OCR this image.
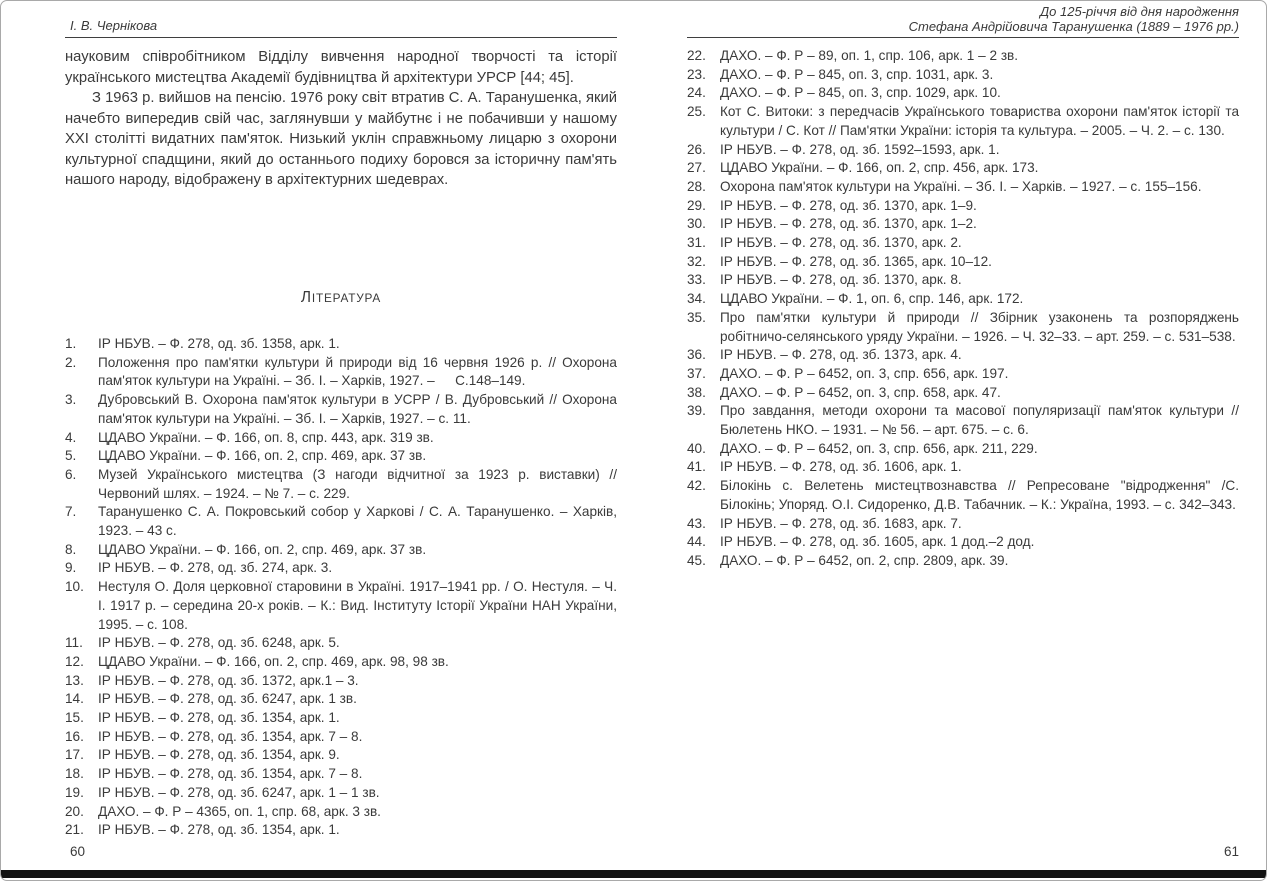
І. В. Чернікова

науковим співробітником Відділу вивчення народної творчості та історії українського мистецтва Академії будівництва й архітектури УРСР [44; 45].

З 1963 р. вийшов на пенсію. 1976 року світ втратив С. А. Таранушенка, який начебто випередив свій час, заглянувши у майбутнє і не побачивши у нашому XXI столітті видатних пам'яток. Низький уклін справжньому лицарю з охорони культурної спадщини, який до останнього подиху боровся за історичну пам'ять нашого народу, відображену в архітектурних шедеврах.

ЛІТЕРАТУРА
1.	ІР НБУВ. – Ф. 278, од. зб. 1358, арк. 1.
2.	Положення про пам'ятки культури й природи від 16 червня 1926 р. // Охорона пам'яток культури на Україні. – Зб. І. – Харків, 1927. –  С.148–149.
3.	Дубровський В. Охорона пам'яток культури в УСРР / В. Дубровський // Охорона пам'яток культури на Україні. – Зб. І. – Харків, 1927. – с. 11.
4.	ЦДАВО України. – Ф. 166, оп. 8, спр. 443, арк. 319 зв.
5.	ЦДАВО України. – Ф. 166, оп. 2, спр. 469, арк. 37 зв.
6.	Музей Українського мистецтва (З нагоди відчитної за 1923 р. виставки) // Червоний шлях. – 1924. – № 7. – с. 229.
7.	Таранушенко С. А. Покровський собор у Харкові / С. А. Таранушенко. – Харків, 1923. – 43 с.
8.	ЦДАВО України. – Ф. 166, оп. 2, спр. 469, арк. 37 зв.
9.	ІР НБУВ. – Ф. 278, од. зб. 274, арк. 3.
10.	Нестуля О. Доля церковної старовини в Україні. 1917–1941 рр. / О. Нестуля. – Ч. І. 1917 р. – середина 20-х років. – К.: Вид. Інституту Історії України НАН України, 1995. – с. 108.
11.	ІР НБУВ. – Ф. 278, од. зб. 6248, арк. 5.
12.	ЦДАВО України. – Ф. 166, оп. 2, спр. 469, арк. 98, 98 зв.
13.	ІР НБУВ. – Ф. 278, од. зб. 1372, арк.1 – 3.
14.	ІР НБУВ. – Ф. 278, од. зб. 6247, арк. 1 зв.
15.	ІР НБУВ. – Ф. 278, од. зб. 1354, арк. 1.
16.	ІР НБУВ. – Ф. 278, од. зб. 1354, арк. 7 – 8.
17.	ІР НБУВ. – Ф. 278, од. зб. 1354, арк. 9.
18.	ІР НБУВ. – Ф. 278, од. зб. 1354, арк. 7 – 8.
19.	ІР НБУВ. – Ф. 278, од. зб. 6247, арк. 1 – 1 зв.
20.	ДАХО. – Ф. Р – 4365, оп. 1, спр. 68, арк. 3 зв.
21.	ІР НБУВ. – Ф. 278, од. зб. 1354, арк. 1.
60
До 125-річчя від дня народження
Стефана Андрійовича Таранушенка (1889 – 1976 рр.)
22.	ДАХО. – Ф. Р – 89, оп. 1, спр. 106, арк. 1 – 2 зв.
23.	ДАХО. – Ф. Р – 845, оп. 3, спр. 1031, арк. 3.
24.	ДАХО. – Ф. Р – 845, оп. 3, спр. 1029, арк. 10.
25.	Кот С. Витоки: з передчасів Українського товариства охорони пам'яток історії та культури / С. Кот // Пам'ятки України: історія та культура. – 2005. – Ч. 2. – с. 130.
26.	ІР НБУВ. – Ф. 278, од. зб. 1592–1593, арк. 1.
27.	ЦДАВО України. – Ф. 166, оп. 2, спр. 456, арк. 173.
28.	Охорона пам'яток культури на Україні. – Зб. І. – Харків. – 1927. – с. 155–156.
29.	ІР НБУВ. – Ф. 278, од. зб. 1370, арк. 1–9.
30.	ІР НБУВ. – Ф. 278, од. зб. 1370, арк. 1–2.
31.	ІР НБУВ. – Ф. 278, од. зб. 1370, арк. 2.
32.	ІР НБУВ. – Ф. 278, од. зб. 1365, арк. 10–12.
33.	ІР НБУВ. – Ф. 278, од. зб. 1370, арк. 8.
34.	ЦДАВО України. – Ф. 1, оп. 6, спр. 146, арк. 172.
35.	Про пам'ятки культури й природи // Збірник узаконень та розпоряджень робітничо-селянського уряду України. – 1926. – Ч. 32–33. – арт. 259. – с. 531–538.
36.	ІР НБУВ. – Ф. 278, од. зб. 1373, арк. 4.
37.	ДАХО. – Ф. Р – 6452, оп. 3, спр. 656, арк. 197.
38.	ДАХО. – Ф. Р – 6452, оп. 3, спр. 658, арк. 47.
39.	Про завдання, методи охорони та масової популяризації пам'яток культури // Бюлетень НКО. – 1931. – № 56. – арт. 675. – с. 6.
40.	ДАХО. – Ф. Р – 6452, оп. 3, спр. 656, арк. 211, 229.
41.	ІР НБУВ. – Ф. 278, од. зб. 1606, арк. 1.
42.	Білокінь с. Велетень мистецтвознавства // Репресоване "відродження" /С. Білокінь; Упоряд. О.І. Сидоренко, Д.В. Табачник. – К.: Україна, 1993. – с. 342–343.
43.	ІР НБУВ. – Ф. 278, од. зб. 1683, арк. 7.
44.	ІР НБУВ. – Ф. 278, од. зб. 1605, арк. 1 дод.–2 дод.
45.	ДАХО. – Ф. Р – 6452, оп. 2, спр. 2809, арк. 39.
61
